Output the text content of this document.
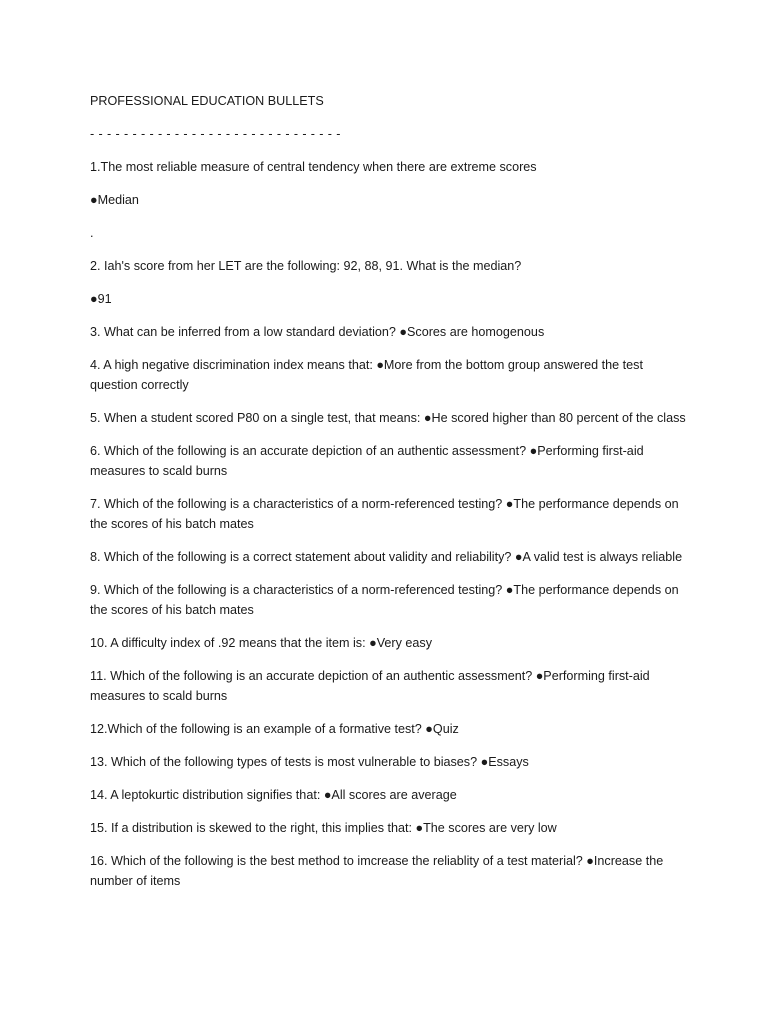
PROFESSIONAL EDUCATION BULLETS
- - - - - - - - - - - - - - - - - - - - - - - - - - - - - -
1.The most reliable measure of central tendency when there are extreme scores
●Median
.
2. Iah's score from her LET are the following: 92, 88, 91. What is the median?
●91
3. What can be inferred from a low standard deviation? ●Scores are homogenous
4. A high negative discrimination index means that: ●More from the bottom group answered the test question correctly
5. When a student scored P80 on a single test, that means: ●He scored higher than 80 percent of the class
6. Which of the following is an accurate depiction of an authentic assessment? ●Performing first-aid measures to scald burns
7. Which of the following is a characteristics of a norm-referenced testing? ●The performance depends on the scores of his batch mates
8. Which of the following is a correct statement about validity and reliability? ●A valid test is always reliable
9. Which of the following is a characteristics of a norm-referenced testing? ●The performance depends on the scores of his batch mates
10. A difficulty index of .92 means that the item is: ●Very easy
11. Which of the following is an accurate depiction of an authentic assessment? ●Performing first-aid measures to scald burns
12.Which of the following is an example of a formative test? ●Quiz
13. Which of the following types of tests is most vulnerable to biases? ●Essays
14. A leptokurtic distribution signifies that: ●All scores are average
15. If a distribution is skewed to the right, this implies that: ●The scores are very low
16. Which of the following is the best method to imcrease the reliablity of a test material? ●Increase the number of items
